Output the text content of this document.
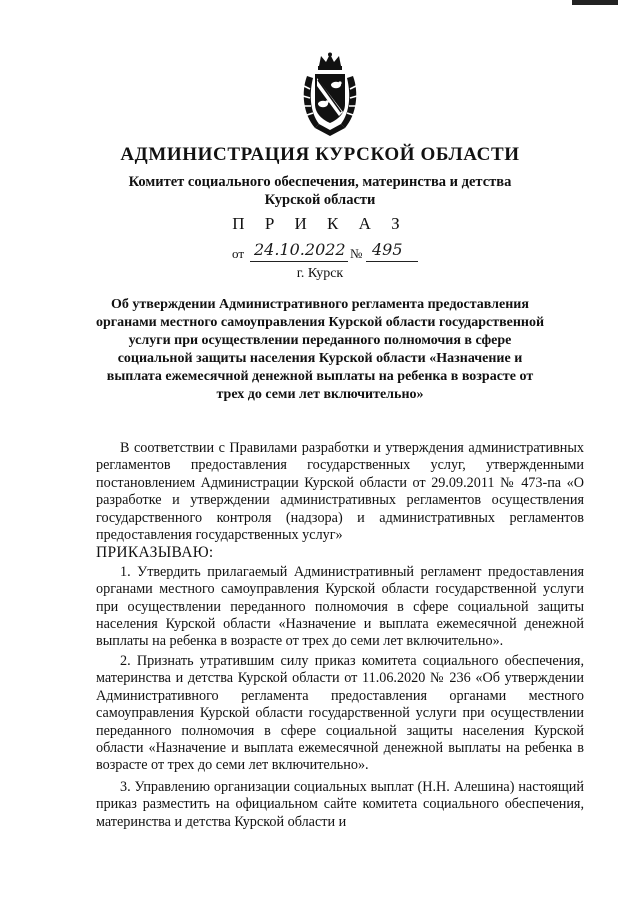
АДМИНИСТРАЦИЯ КУРСКОЙ ОБЛАСТИ
Комитет социального обеспечения, материнства и детства
Курской области
П Р И К А З
от 24.10.2022 № 495
г. Курск
Об утверждении Административного регламента предоставления органами местного самоуправления Курской области государственной услуги при осуществлении переданного полномочия в сфере социальной защиты населения Курской области «Назначение и выплата ежемесячной денежной выплаты на ребенка в возрасте от трех до семи лет включительно»

В соответствии с Правилами разработки и утверждения административных регламентов предоставления государственных услуг, утвержденными постановлением Администрации Курской области от 29.09.2011 № 473-па «О разработке и утверждении административных регламентов осуществления государственного контроля (надзора) и административных регламентов предоставления государственных услуг»

ПРИКАЗЫВАЮ:

1. Утвердить прилагаемый Административный регламент предоставления органами местного самоуправления Курской области государственной услуги при осуществлении переданного полномочия в сфере социальной защиты населения Курской области «Назначение и выплата ежемесячной денежной выплаты на ребенка в возрасте от трех до семи лет включительно».

2. Признать утратившим силу приказ комитета социального обеспечения, материнства и детства Курской области от 11.06.2020 № 236 «Об утверждении Административного регламента предоставления органами местного самоуправления Курской области государственной услуги при осуществлении переданного полномочия в сфере социальной защиты населения Курской области «Назначение и выплата ежемесячной денежной выплаты на ребенка в возрасте от трех до семи лет включительно».

3. Управлению организации социальных выплат (Н.Н. Алешина) настоящий приказ разместить на официальном сайте комитета социального обеспечения, материнства и детства Курской области и
